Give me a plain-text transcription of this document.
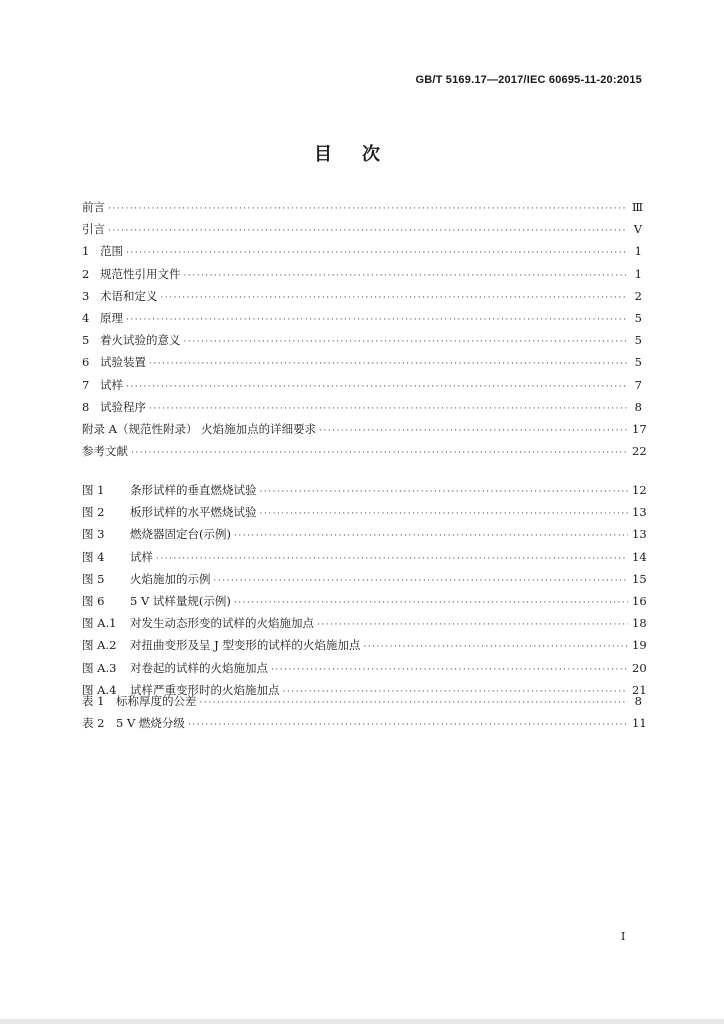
GB/T 5169.17—2017/IEC 60695-11-20:2015
目次
前言 ·····	Ⅲ
引言 ·····	Ⅴ
1 范围 ·····	1
2 规范性引用文件 ·····	1
3 术语和定义 ·····	2
4 原理 ·····	5
5 着火试验的意义 ·····	5
6 试验装置 ·····	5
7 试样 ·····	7
8 试验程序 ·····	8
附录 A（规范性附录） 火焰施加点的详细要求 ·····	17
参考文献 ·····	22
图 1 条形试样的垂直燃烧试验 ·····	12
图 2 板形试样的水平燃烧试验 ·····	13
图 3 燃烧器固定台(示例) ·····	13
图 4 试样 ·····	14
图 5 火焰施加的示例 ·····	15
图 6 5 V 试样量规(示例) ·····	16
图 A.1 对发生动态形变的试样的火焰施加点 ·····	18
图 A.2 对扭曲变形及呈 J 型变形的试样的火焰施加点 ·····	19
图 A.3 对卷起的试样的火焰施加点 ·····	20
图 A.4 试样严重变形时的火焰施加点 ·····	21
表 1 标称厚度的公差 ·····	8
表 2 5 V 燃烧分级 ·····	11
Ⅰ
